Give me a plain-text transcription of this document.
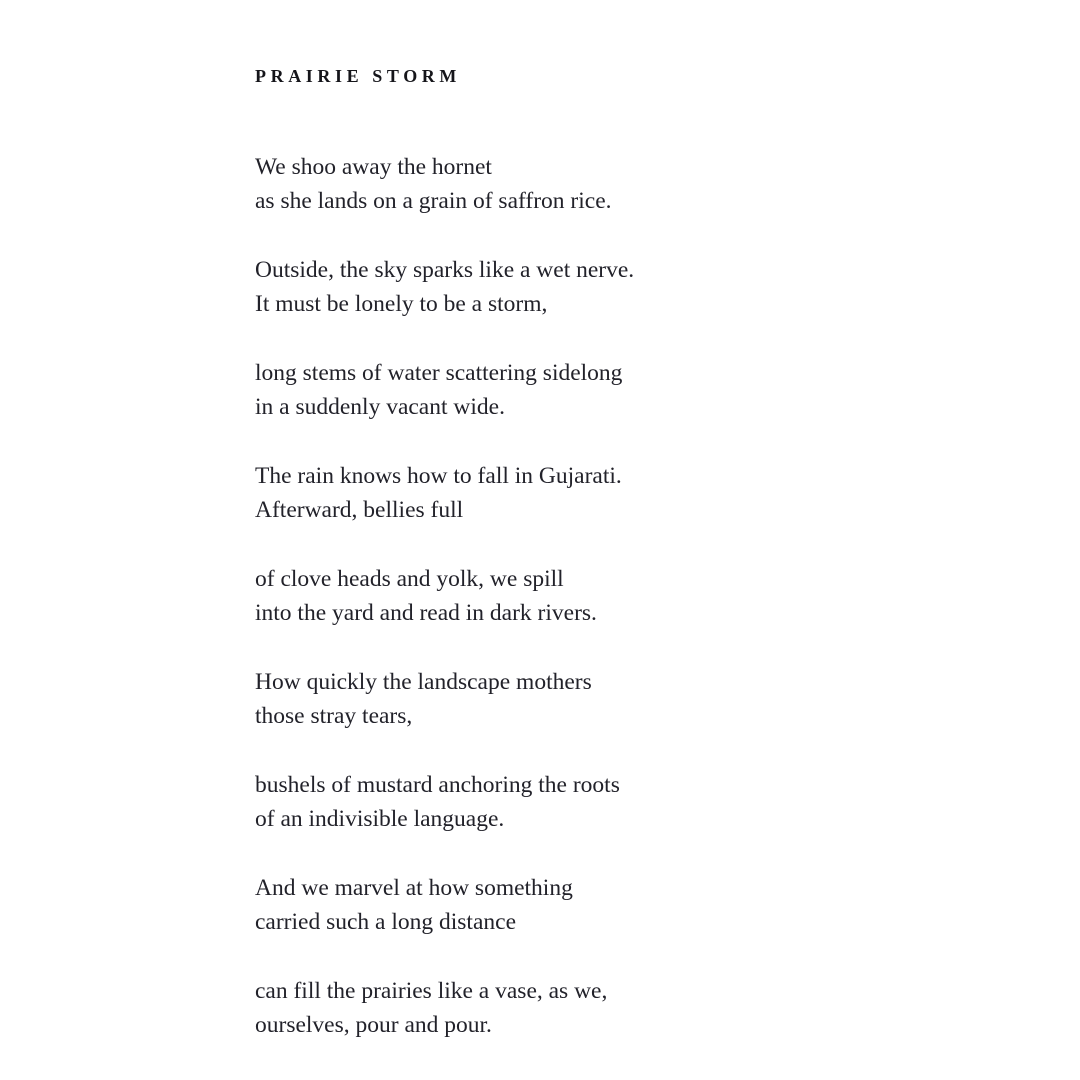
PRAIRIE STORM
We shoo away the hornet
as she lands on a grain of saffron rice.
Outside, the sky sparks like a wet nerve.
It must be lonely to be a storm,
long stems of water scattering sidelong
in a suddenly vacant wide.
The rain knows how to fall in Gujarati.
Afterward, bellies full
of clove heads and yolk, we spill
into the yard and read in dark rivers.
How quickly the landscape mothers
those stray tears,
bushels of mustard anchoring the roots
of an indivisible language.
And we marvel at how something
carried such a long distance
can fill the prairies like a vase, as we,
ourselves, pour and pour.
